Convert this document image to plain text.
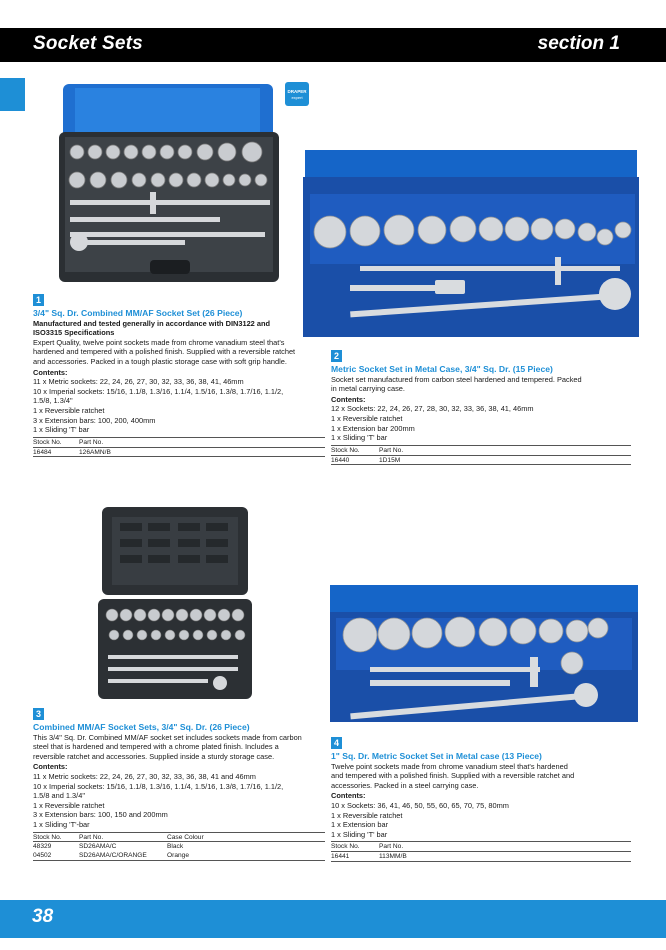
Socket Sets	section 1
DRAPER
expert
1
3/4" Sq. Dr. Combined MM/AF Socket Set (26 Piece)
Manufactured and tested generally in accordance with DIN3122 and
ISO3315 Specifications
Expert Quality, twelve point sockets made from chrome vanadium steel that's
hardened and tempered with a polished finish. Supplied with a reversible ratchet
and accessories. Packed in a tough plastic storage case with soft grip handle.
Contents:
11 x Metric sockets: 22, 24, 26, 27, 30, 32, 33, 36, 38, 41, 46mm
10 x Imperial sockets: 15/16, 1.1/8, 1.3/16, 1.1/4, 1.5/16, 1.3/8, 1.7/16, 1.1/2,
1.5/8, 1.3/4"
1 x Reversible ratchet
3 x Extension bars: 100, 200, 400mm
1 x Sliding 'T' bar
Stock No.	Part No.
16484	126AMN/B
2
Metric Socket Set in Metal Case, 3/4" Sq. Dr. (15 Piece)
Socket set manufactured from carbon steel hardened and tempered. Packed
in metal carrying case.
Contents:
12 x Sockets: 22, 24, 26, 27, 28, 30, 32, 33, 36, 38, 41, 46mm
1 x Reversible ratchet
1 x Extension bar 200mm
1 x Sliding 'T' bar
Stock No.	Part No.
16440	1D15M
3
Combined MM/AF Socket Sets, 3/4" Sq. Dr. (26 Piece)
This 3/4" Sq. Dr. Combined MM/AF socket set includes sockets made from carbon
steel that is hardened and tempered with a chrome plated finish. Includes a
reversible ratchet and accessories. Supplied inside a sturdy storage case.
Contents:
11 x Metric sockets: 22, 24, 26, 27, 30, 32, 33, 36, 38, 41 and 46mm
10 x Imperial sockets: 15/16, 1.1/8, 1.3/16, 1.1/4, 1.5/16, 1.3/8, 1.7/16, 1.1/2,
1.5/8 and 1.3/4"
1 x Reversible ratchet
3 x Extension bars: 100, 150 and 200mm
1 x Sliding 'T'-bar
Stock No.	Part No.	Case Colour
48329	SD26AMA/C	Black
04502	SD26AMA/C/ORANGE	Orange
4
1" Sq. Dr. Metric Socket Set in Metal case (13 Piece)
Twelve point sockets made from chrome vanadium steel that's hardened
and tempered with a polished finish. Supplied with a reversible ratchet and
accessories. Packed in a steel carrying case.
Contents:
10 x Sockets: 36, 41, 46, 50, 55, 60, 65, 70, 75, 80mm
1 x Reversible ratchet
1 x Extension bar
1 x Sliding 'T' bar
Stock No.	Part No.
16441	113MM/B
38
